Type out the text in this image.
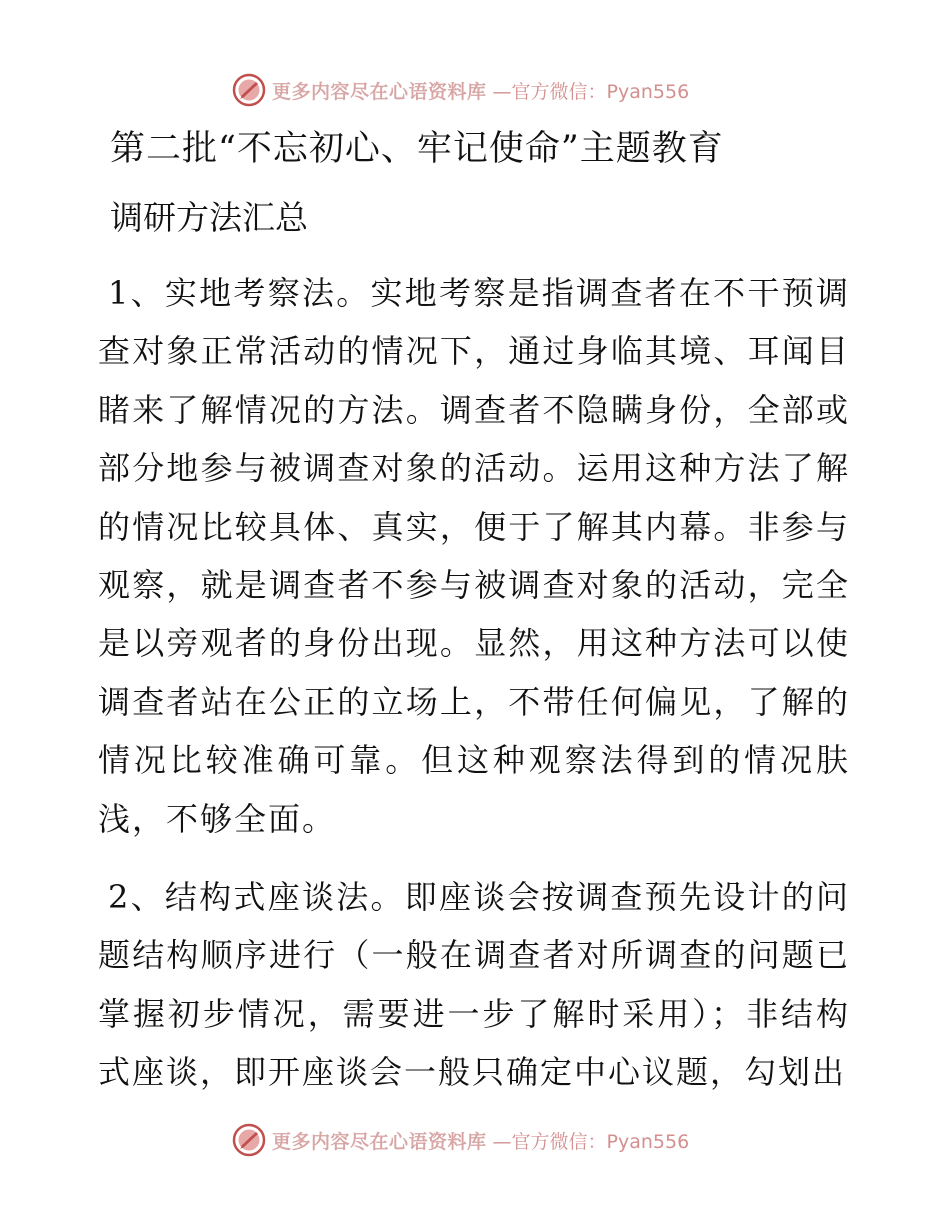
更多内容尽在心语资料库 —官方微信：Pyan556
第二批“不忘初心、牢记使命”主题教育

调研方法汇总

1、实地考察法。实地考察是指调查者在不干预调查对象正常活动的情况下，通过身临其境、耳闻目睹来了解情况的方法。调查者不隐瞒身份，全部或部分地参与被调查对象的活动。运用这种方法了解的情况比较具体、真实，便于了解其内幕。非参与观察，就是调查者不参与被调查对象的活动，完全是以旁观者的身份出现。显然，用这种方法可以使调查者站在公正的立场上，不带任何偏见，了解的情况比较准确可靠。但这种观察法得到的情况肤浅，不够全面。

2、结构式座谈法。即座谈会按调查预先设计的问题结构顺序进行（一般在调查者对所调查的问题已掌握初步情况，需要进一步了解时采用）；非结构式座谈，即开座谈会一般只确定中心议题，勾划出

更多内容尽在心语资料库 —官方微信：Pyan556
